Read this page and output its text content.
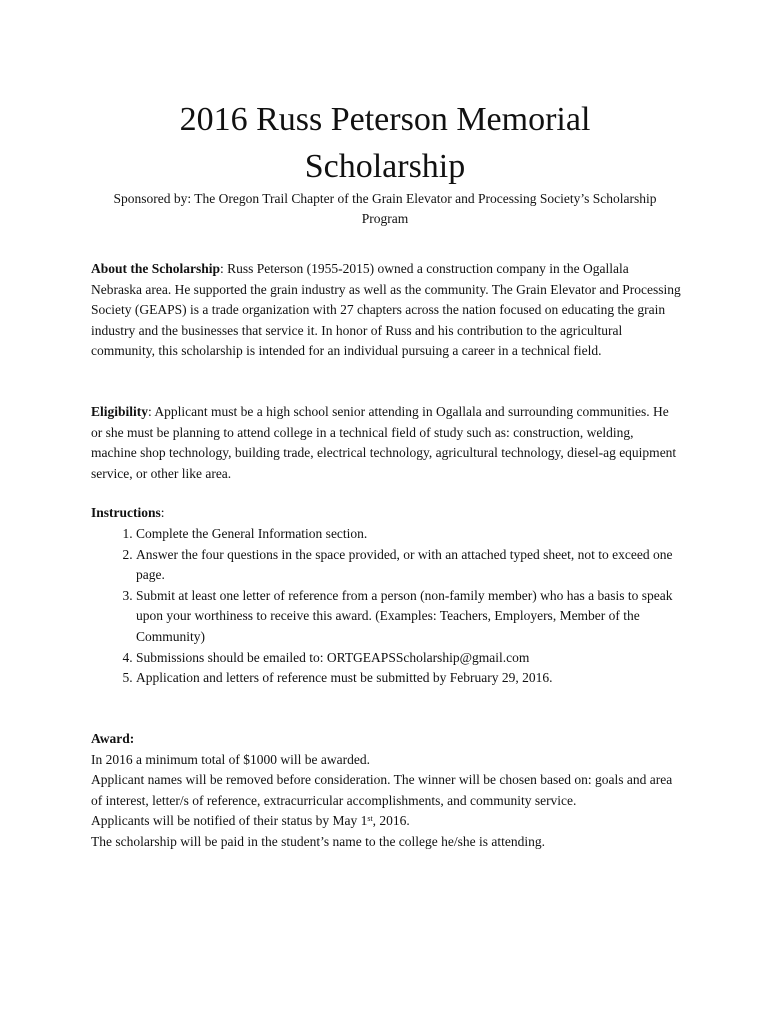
2016 Russ Peterson Memorial
Scholarship

Sponsored by: The Oregon Trail Chapter of the Grain Elevator and Processing Society’s Scholarship Program

About the Scholarship: Russ Peterson (1955-2015) owned a construction company in the Ogallala Nebraska area. He supported the grain industry as well as the community. The Grain Elevator and Processing Society (GEAPS) is a trade organization with 27 chapters across the nation focused on educating the grain industry and the businesses that service it. In honor of Russ and his contribution to the agricultural community, this scholarship is intended for an individual pursuing a career in a technical field.

Eligibility: Applicant must be a high school senior attending in Ogallala and surrounding communities. He or she must be planning to attend college in a technical field of study such as: construction, welding, machine shop technology, building trade, electrical technology, agricultural technology, diesel-ag equipment service, or other like area.

Instructions:

1. Complete the General Information section.
2. Answer the four questions in the space provided, or with an attached typed sheet, not to exceed one page.
3. Submit at least one letter of reference from a person (non-family member) who has a basis to speak upon your worthiness to receive this award. (Examples: Teachers, Employers, Member of the Community)
4. Submissions should be emailed to: ORTGEAPSScholarship@gmail.com
5. Application and letters of reference must be submitted by February 29, 2016.
Award:
In 2016 a minimum total of $1000 will be awarded.
Applicant names will be removed before consideration. The winner will be chosen based on: goals and area of interest, letter/s of reference, extracurricular accomplishments, and community service.
Applicants will be notified of their status by May 1st, 2016.
The scholarship will be paid in the student’s name to the college he/she is attending.
